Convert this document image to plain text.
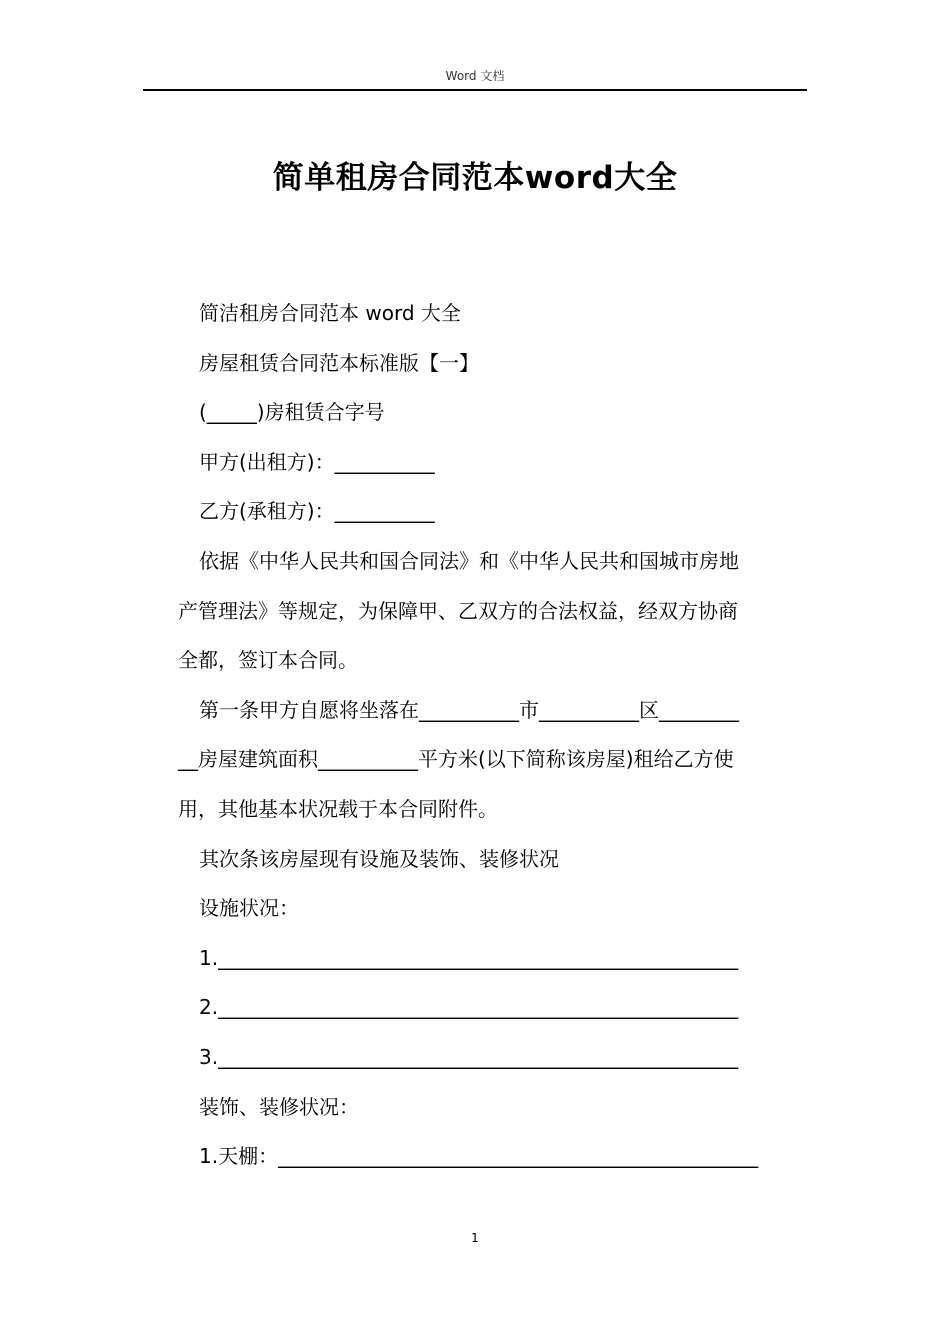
Word 文档
简单租房合同范本word大全
简洁租房合同范本 word 大全
房屋租赁合同范本标准版【一】
(_____)房租赁合字号
甲方(出租方)：__________
乙方(承租方)：__________
依据《中华人民共和国合同法》和《中华人民共和国城市房地
产管理法》等规定，为保障甲、乙双方的合法权益，经双方协商
全都，签订本合同。
第一条甲方自愿将坐落在__________市__________区________
__房屋建筑面积__________平方米(以下简称该房屋)租给乙方使
用，其他基本状况载于本合同附件。
其次条该房屋现有设施及装饰、装修状况
设施状况：
1.____________________________________________________
2.____________________________________________________
3.____________________________________________________
装饰、装修状况：
1.天棚：________________________________________________
1
